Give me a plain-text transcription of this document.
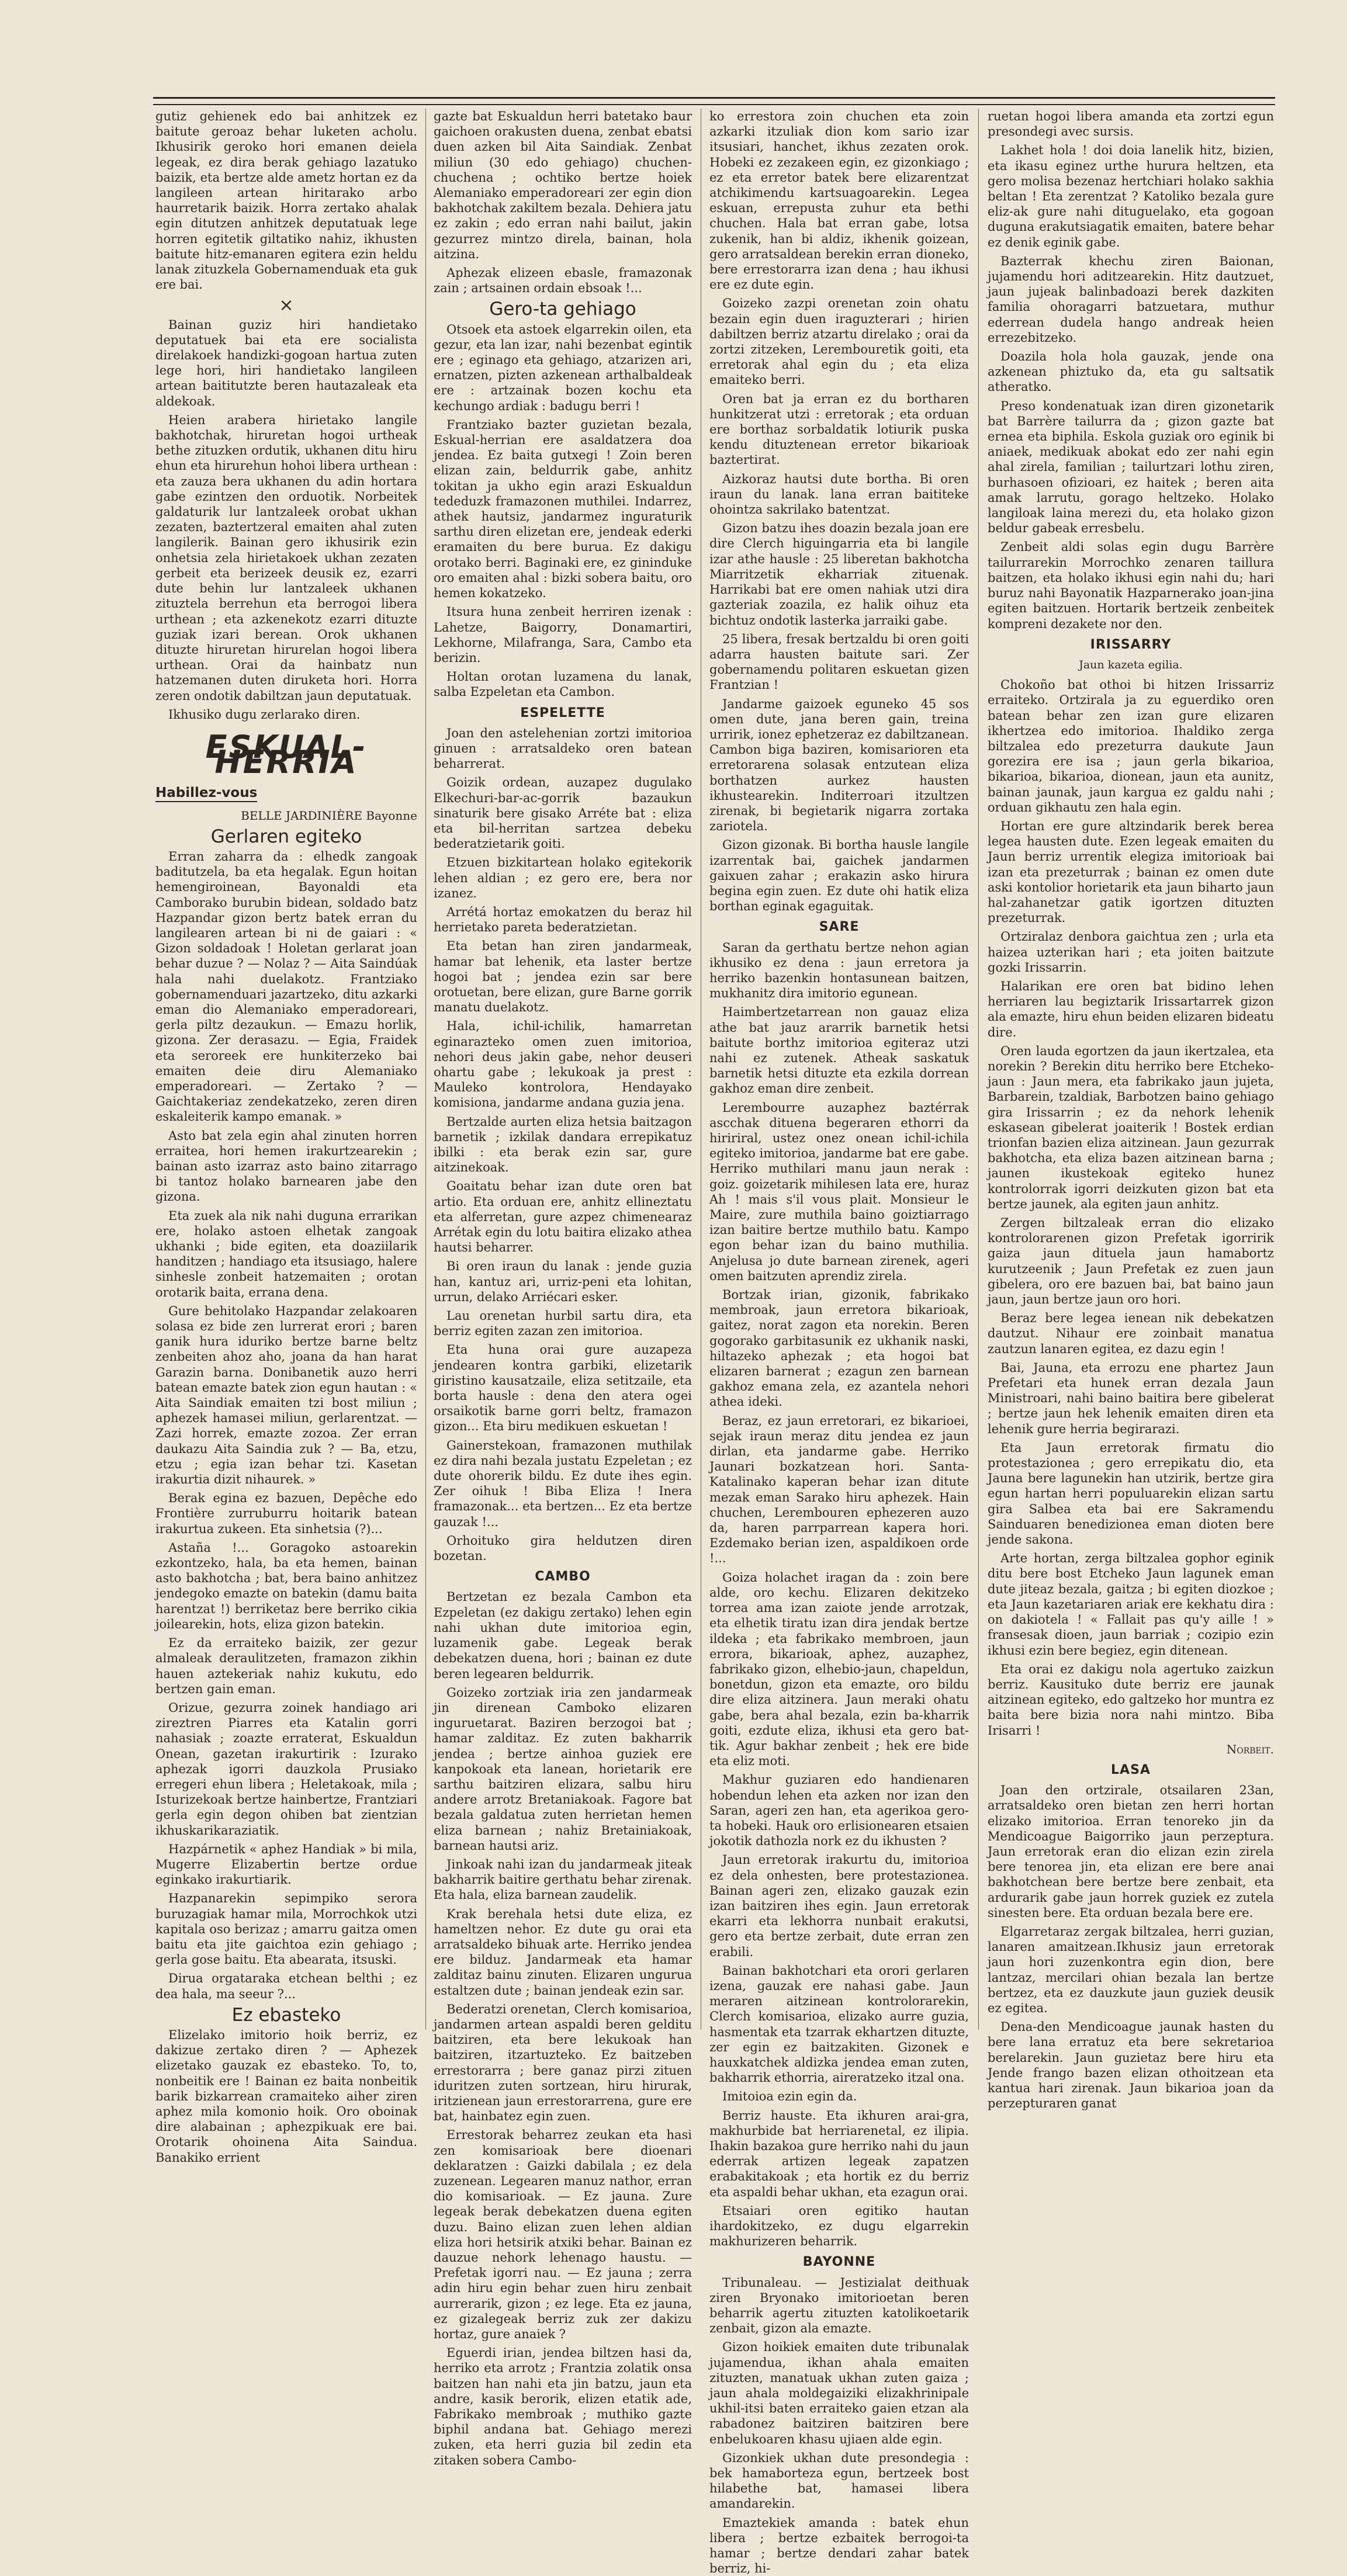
gutiz gehienek edo bai anhitzek ez baitute geroaz behar luketen acholu. Ikhusirik geroko hori emanen deiela legeak, ez dira berak gehiago lazatuko baizik, eta bertze alde ametz hortan ez da langileen artean hiritarako arbo haurretarik baizik. Horra zertako ahalak egin ditutzen anhitzek deputatuak lege horren egitetik giltatiko nahiz, ikhusten baitute hitz-emanaren egitera ezin heldu lanak zituzkela Gobernamenduak eta guk ere bai.

×

Bainan guziz hiri handietako deputatuek bai eta ere socialista direlakoek handizki-gogoan hartua zuten lege hori, hiri handietako langileen artean baititutzte beren hautazaleak eta aldekoak.

Heien arabera hirietako langile bakhotchak, hiruretan hogoi urtheak bethe zituzken ordutik, ukhanen ditu hiru ehun eta hirurehun hohoi libera urthean : eta zauza bera ukhanen du adin hortara gabe ezintzen den orduotik. Norbeitek galdaturik lur lantzaleek orobat ukhan zezaten, baztertzeral emaiten ahal zuten langilerik. Bainan gero ikhusirik ezin onhetsia zela hirietakoek ukhan zezaten gerbeit eta berizeek deusik ez, ezarri dute behin lur lantzaleek ukhanen zituztela berrehun eta berrogoi libera urthean ; eta azkenekotz ezarri dituzte guziak izari berean. Orok ukhanen dituzte hiruretan hirurelan hogoi libera urthean. Orai da hainbatz nun hatzemanen duten diruketa hori. Horra zeren ondotik dabiltzan jaun deputatuak.

Ikhusiko dugu zerlarako diren.

ESKUAL-HERRIA
Habillez-vous

BELLE JARDINIÈRE Bayonne

Gerlaren egiteko

Erran zaharra da : elhedk zangoak baditutzela, ba eta hegalak. Egun hoitan hemengiroinean, Bayonaldi eta Camborako burubin bidean, soldado batz Hazpandar gizon bertz batek erran du langilearen artean bi ni de gaiari : « Gizon soldadoak ! Holetan gerlarat joan behar duzue ? — Nolaz ? — Aita Saindúak hala nahi duelakotz. Frantziako gobernamenduari jazartzeko, ditu azkarki eman dio Alemaniako emperadoreari, gerla piltz dezaukun. — Emazu horlik, gizona. Zer derasazu. — Egia, Fraidek eta seroreek ere hunkiterzeko bai emaiten deie diru Alemaniako emperadoreari. — Zertako ? — Gaichtakeriaz zendekatzeko, zeren diren eskaleiterik kampo emanak. »

Asto bat zela egin ahal zinuten horren erraitea, hori hemen irakurtzearekin ; bainan asto izarraz asto baino zitarrago bi tantoz holako barnearen jabe den gizona.

Eta zuek ala nik nahi duguna errarikan ere, holako astoen elhetak zangoak ukhanki ; bide egiten, eta doaziilarik handitzen ; handiago eta itsusiago, halere sinhesle zonbeit hatzemaiten ; orotan orotarik baita, errana dena.

Gure behitolako Hazpandar zelakoaren solasa ez bide zen lurrerat erori ; baren ganik hura iduriko bertze barne beltz zenbeiten ahoz aho, joana da han harat Garazin barna. Donibanetik auzo herri batean emazte batek zion egun hautan : « Aita Saindiak emaiten tzi bost miliun ; aphezek hamasei miliun, gerlarentzat. — Zazi horrek, emazte zozoa. Zer erran daukazu Aita Saindia zuk ? — Ba, etzu, etzu ; egia izan behar tzi. Kasetan irakurtia dizit nihaurek. »

Berak egina ez bazuen, Depêche edo Frontière zurruburru hoitarik batean irakurtua zukeen. Eta sinhetsia (?)...

Astaña !... Goragoko astoarekin ezkontzeko, hala, ba eta hemen, bainan asto bakhotcha ; bat, bera baino anhitzez jendegoko emazte on batekin (damu baita harentzat !) berriketaz bere berriko cikia joilearekin, hots, eliza gizon batekin.

Ez da erraiteko baizik, zer gezur almaleak deraulitzeten, framazon zikhin hauen aztekeriak nahiz kukutu, edo bertzen gain eman.

Orizue, gezurra zoinek handiago ari zireztren Piarres eta Katalin gorri nahasiak ; zoazte erraterat, Eskualdun Onean, gazetan irakurtirik : Izurako aphezak igorri dauzkola Prusiako erregeri ehun libera ; Heletakoak, mila ; Isturizekoak bertze hainbertze, Frantziari gerla egin degon ohiben bat zientzian ikhuskarikaraziatik.

Hazpárnetik « aphez Handiak » bi mila, Mugerre Elizabertin bertze ordue eginkako irakurtiarik.

Hazpanarekin sepimpiko serora buruzagiak hamar mila, Morrochkok utzi kapitala oso berizaz ; amarru gaitza omen baitu eta jite gaichtoa ezin gehiago ; gerla gose baitu. Eta abearata, itsuski.

Dirua orgataraka etchean belthi ; ez dea hala, ma seeur ?...

Ez ebasteko

Elizelako imitorio hoik berriz, ez dakizue zertako diren ? — Aphezek elizetako gauzak ez ebasteko. To, to, nonbeitik ere ! Bainan ez baita nonbeitik barik bizkarrean cramaiteko aiher ziren aphez mila komonio hoik. Oro oboinak dire alabainan ; aphezpikuak ere bai. Orotarik ohoinena Aita Saindua. Banakiko errient

gazte bat Eskualdun herri batetako baur gaichoen orakusten duena, zenbat ebatsi duen azken bil Aita Saindiak. Zenbat miliun (30 edo gehiago) chuchen-chuchena ; ochtiko bertze hoiek Alemaniako emperadoreari zer egin dion bakhotchak zakiltem bezala. Dehiera jatu ez zakin ; edo erran nahi bailut, jakin gezurrez mintzo direla, bainan, hola aitzina.

Aphezak elizeen ebasle, framazonak zain ; artsainen ordain ebsoak !...

Gero-ta gehiago

Otsoek eta astoek elgarrekin oilen, eta gezur, eta lan izar, nahi bezenbat egintik ere ; eginago eta gehiago, atzarizen ari, ernatzen, pizten azkenean arthalbaldeak ere : artzainak bozen kochu eta kechungo ardiak : badugu berri !

Frantziako bazter guzietan bezala, Eskual-herrian ere asaldatzera doa jendea. Ez baita gutxegi ! Zoin beren elizan zain, beldurrik gabe, anhitz tokitan ja ukho egin arazi Eskualdun tededuzk framazonen muthilei. Indarrez, athek hautsiz, jandarmez inguraturik sarthu diren elizetan ere, jendeak ederki eramaiten du bere burua. Ez dakigu orotako berri. Baginaki ere, ez gininduke oro emaiten ahal : bizki sobera baitu, oro hemen kokatzeko.

Itsura huna zenbeit herriren izenak : Lahetze, Baigorry, Donamartiri, Lekhorne, Milafranga, Sara, Cambo eta berizin.

Holtan orotan luzamena du lanak, salba Ezpeletan eta Cambon.

ESPELETTE

Joan den astelehenian zortzi imitorioa ginuen : arratsaldeko oren batean beharrerat.

Goizik ordean, auzapez dugulako Elkechuri-bar-ac-gorrik bazaukun sinaturik bere gisako Arréte bat : eliza eta bil-herritan sartzea debeku bederatzietarik goiti.

Etzuen bizkitartean holako egitekorik lehen aldian ; ez gero ere, bera nor izanez.

Arrétá hortaz emokatzen du beraz hil herrietako pareta bederatzietan.

Eta betan han ziren jandarmeak, hamar bat lehenik, eta laster bertze hogoi bat ; jendea ezin sar bere orotuetan, bere elizan, gure Barne gorrik manatu duelakotz.

Hala, ichil-ichilik, hamarretan eginarazteko omen zuen imitorioa, nehori deus jakin gabe, nehor deuseri ohartu gabe ; lekukoak ja prest : Mauleko kontrolora, Hendayako komisiona, jandarme andana guzia jena.

Bertzalde aurten eliza hetsia baitzagon barnetik ; izkilak dandara errepikatuz ibilki : eta berak ezin sar, gure aitzinekoak.

Goaitatu behar izan dute oren bat artio. Eta orduan ere, anhitz ellineztatu eta alferretan, gure azpez chimenearaz Arrétak egin du lotu baitira elizako athea hautsi beharrer.

Bi oren iraun du lanak : jende guzia han, kantuz ari, urriz-peni eta lohitan, urrun, delako Arriécari esker.

Lau orenetan hurbil sartu dira, eta berriz egiten zazan zen imitorioa.

Eta huna orai gure auzapeza jendearen kontra garbiki, elizetarik giristino kausatzaile, eliza setitzaile, eta borta hausle : dena den atera ogei orsaikotik barne gorri beltz, framazon gizon... Eta biru medikuen eskuetan !

Gainerstekoan, framazonen muthilak ez dira nahi bezala justatu Ezpeletan ; ez dute ohorerik bildu. Ez dute ihes egin. Zer oihuk ! Biba Eliza ! Inera framazonak... eta bertzen... Ez eta bertze gauzak !...

Orhoituko gira heldutzen diren bozetan.

CAMBO

Bertzetan ez bezala Cambon eta Ezpeletan (ez dakigu zertako) lehen egin nahi ukhan dute imitorioa egin, luzamenik gabe. Legeak berak debekatzen duena, hori ; bainan ez dute beren legearen beldurrik.

Goizeko zortziak iria zen jandarmeak jin direnean Camboko elizaren inguruetarat. Baziren berzogoi bat ; hamar zalditaz. Ez zuten bakharrik jendea ; bertze ainhoa guziek ere kanpokoak eta lanean, horietarik ere sarthu baitziren elizara, salbu hiru andere arrotz Bretaniakoak. Fagore bat bezala galdatua zuten herrietan hemen eliza barnean ; nahiz Bretainiakoak, barnean hautsi ariz.

Jinkoak nahi izan du jandarmeak jiteak bakharrik baitire gerthatu behar zirenak. Eta hala, eliza barnean zaudelik.

Krak berehala hetsi dute eliza, ez hameltzen nehor. Ez dute gu orai eta arratsaldeko bihuak arte. Herriko jendea ere bilduz. Jandarmeak eta hamar zalditaz bainu zinuten. Elizaren ungurua estaltzen dute ; bainan jendeak ezin sar.

Bederatzi orenetan, Clerch komisarioa, jandarmen artean aspaldi beren gelditu baitziren, eta bere lekukoak han baitziren, itzartuzteko. Ez baitzeben errestorarra ; bere ganaz pirzi zituen iduritzen zuten sortzean, hiru hirurak, iritzienean jaun errestorarrena, gure ere bat, hainbatez egin zuen.

Errestorak beharrez zeukan eta hasi zen komisarioak bere dioenari deklaratzen : Gaizki dabilala ; ez dela zuzenean. Legearen manuz nathor, erran dio komisarioak. — Ez jauna. Zure legeak berak debekatzen duena egiten duzu. Baino elizan zuen lehen aldian eliza hori hetsirik atxiki behar. Bainan ez dauzue nehork lehenago haustu. — Prefetak igorri nau. — Ez jauna ; zerra adin hiru egin behar zuen hiru zenbait aurrerarik, gizon ; ez lege. Eta ez jauna, ez gizalegeak berriz zuk zer dakizu hortaz, gure anaiek ?

Eguerdi irian, jendea biltzen hasi da, herriko eta arrotz ; Frantzia zolatik onsa baitzen han nahi eta jin batzu, jaun eta andre, kasik berorik, elizen etatik ade, Fabrikako membroak ; muthiko gazte biphil andana bat. Gehiago merezi zuken, eta herri guzia bil zedin eta zitaken sobera Cambo-

ko errestora zoin chuchen eta zoin azkarki itzuliak dion kom sario izar itsusiari, hanchet, ikhus zezaten orok. Hobeki ez zezakeen egin, ez gizonkiago ; ez eta erretor batek bere elizarentzat atchikimendu kartsuagoarekin. Legea eskuan, errepusta zuhur eta bethi chuchen. Hala bat erran gabe, lotsa zukenik, han bi aldiz, ikhenik goizean, gero arratsaldean berekin erran dioneko, bere errestorarra izan dena ; hau ikhusi ere ez dute egin.

Goizeko zazpi orenetan zoin ohatu bezain egin duen iraguzterari ; hirien dabiltzen berriz atzartu direlako ; orai da zortzi zitzeken, Lerembouretik goiti, eta erretorak ahal egin du ; eta eliza emaiteko berri.

Oren bat ja erran ez du bortharen hunkitzerat utzi : erretorak ; eta orduan ere borthaz sorbaldatik lotiurik puska kendu dituztenean erretor bikarioak baztertirat.

Aizkoraz hautsi dute bortha. Bi oren iraun du lanak. lana erran baititeke ohointza sakrilako batentzat.

Gizon batzu ihes doazin bezala joan ere dire Clerch higuingarria eta bi langile izar athe hausle : 25 liberetan bakhotcha Miarritzetik ekharriak zituenak. Harrikabi bat ere omen nahiak utzi dira gazteriak zoazila, ez halik oihuz eta bichtuz ondotik lasterka jarraiki gabe.

25 libera, fresak bertzaldu bi oren goiti adarra hausten baitute sari. Zer gobernamendu politaren eskuetan gizen Frantzian !

Jandarme gaizoek eguneko 45 sos omen dute, jana beren gain, treina urririk, ionez ephetzeraz ez dabiltzanean. Cambon biga baziren, komisarioren eta erretorarena solasak entzutean eliza borthatzen aurkez hausten ikhustearekin. Inditerroari itzultzen zirenak, bi begietarik nigarra zortaka zariotela.

Gizon gizonak. Bi bortha hausle langile izarrentak bai, gaichek jandarmen gaixuen zahar ; erakazin asko hirura begina egin zuen. Ez dute ohi hatik eliza borthan eginak egaguitak.

SARE

Saran da gerthatu bertze nehon agian ikhusiko ez dena : jaun erretora ja herriko bazenkin hontasunean baitzen, mukhanitz dira imitorio egunean.

Haimbertzetarrean non gauaz eliza athe bat jauz ararrik barnetik hetsi baitute borthz imitorioa egiteraz utzi nahi ez zutenek. Atheak saskatuk barnetik hetsi dituzte eta ezkila dorrean gakhoz eman dire zenbeit.

Lerembourre auzaphez baztérrak ascchak dituena begeraren ethorri da hiririral, ustez onez onean ichil-ichila egiteko imitorioa, jandarme bat ere gabe. Herriko muthilari manu jaun nerak : goiz. goizetarik mihilesen lata ere, huraz Ah ! mais s'il vous plait. Monsieur le Maire, zure muthila baino goiztiarrago izan baitire bertze muthilo batu. Kampo egon behar izan du baino muthilia. Anjelusa jo dute barnean zirenek, ageri omen baitzuten aprendiz zirela.

Bortzak irian, gizonik, fabrikako membroak, jaun erretora bikarioak, gaitez, norat zagon eta norekin. Beren gogorako garbitasunik ez ukhanik naski, hiltazeko aphezak ; eta hogoi bat elizaren barnerat ; ezagun zen barnean gakhoz emana zela, ez azantela nehori athea ideki.

Beraz, ez jaun erretorari, ez bikarioei, sejak iraun meraz ditu jendea ez jaun dirlan, eta jandarme gabe. Herriko Jaunari bozkatzean hori. Santa-Katalinako kaperan behar izan ditute mezak eman Sarako hiru aphezek. Hain chuchen, Lerembouren ephezeren auzo da, haren parrparrean kapera hori. Ezdemako berian izen, aspaldikoen orde !...

Goiza holachet iragan da : zoin bere alde, oro kechu. Elizaren dekitzeko torrea ama izan zaiote jende arrotzak, eta elhetik tiratu izan dira jendak bertze ildeka ; eta fabrikako membroen, jaun errora, bikarioak, aphez, auzaphez, fabrikako gizon, elhebio-jaun, chapeldun, bonetdun, gizon eta emazte, oro bildu dire eliza aitzinera. Jaun meraki ohatu gabe, bera ahal bezala, ezin ba-kharrik goiti, ezdute eliza, ikhusi eta gero bat-tik. Agur bakhar zenbeit ; hek ere bide eta eliz moti.

Makhur guziaren edo handienaren hobendun lehen eta azken nor izan den Saran, ageri zen han, eta agerikoa gero-ta hobeki. Hauk oro erlisionearen etsaien jokotik dathozla nork ez du ikhusten ?

Jaun erretorak irakurtu du, imitorioa ez dela onhesten, bere protestazionea. Bainan ageri zen, elizako gauzak ezin izan baitziren ihes egin. Jaun erretorak ekarri eta lekhorra nunbait erakutsi, gero eta bertze zerbait, dute erran zen erabili.

Bainan bakhotchari eta orori gerlaren izena, gauzak ere nahasi gabe. Jaun meraren aitzinean kontrolorarekin, Clerch komisarioa, elizako aurre guzia, hasmentak eta tzarrak ekhartzen dituzte, zer egin ez baitzakiten. Gizonek e hauxkatchek aldizka jendea eman zuten, bakharrik ethorria, aireratzeko itzal ona.

Imitoioa ezin egin da.

Berriz hauste. Eta ikhuren arai-gra, makhurbide bat herriarenetal, ez ilipia. Ihakin bazakoa gure herriko nahi du jaun ederrak artizen legeak zapatzen erabakitakoak ; eta hortik ez du berriz eta aspaldi behar ukhan, eta ezagun orai.

Etsaiari oren egitiko hautan ihardokitzeko, ez dugu elgarrekin makhurizeren beharrik.

BAYONNE

Tribunaleau. — Jestizialat deithuak ziren Bryonako imitorioetan beren beharrik agertu zituzten katolikoetarik zenbait, gizon ala emazte.

Gizon hoikiek emaiten dute tribunalak jujamendua, ikhan ahala emaiten zituzten, manatuak ukhan zuten gaiza ; jaun ahala moldegaiziki elizakhrinipale ukhil-itsi baten erraiteko gaien etzan ala rabadonez baitziren baitziren bere enbelukoaren khasu ujiaen alde egin.

Gizonkiek ukhan dute presondegia : bek hamaborteza egun, bertzeek bost hilabethe bat, hamasei libera amandarekin.

Emaztekiek amanda : batek ehun libera ; bertze ezbaitek berrogoi-ta hamar ; bertze dendari zahar batek berriz, hi-

ruetan hogoi libera amanda eta zortzi egun presondegi avec sursis.

Lakhet hola ! doi doia lanelik hitz, bizien, eta ikasu eginez urthe hurura heltzen, eta gero molisa bezenaz hertchiari holako sakhia beltan ! Eta zerentzat ? Katoliko bezala gure eliz-ak gure nahi dituguelako, eta gogoan duguna erakutsiagatik emaiten, batere behar ez denik eginik gabe.

Bazterrak khechu ziren Baionan, jujamendu hori aditzearekin. Hitz dautzuet, jaun jujeak balinbadoazi berek dazkiten familia ohoragarri batzuetara, muthur ederrean dudela hango andreak heien errezebitzeko.

Doazila hola hola gauzak, jende ona azkenean phiztuko da, eta gu saltsatik atheratko.

Preso kondenatuak izan diren gizonetarik bat Barrère tailurra da ; gizon gazte bat ernea eta biphila. Eskola guziak oro eginik bi aniaek, medikuak abokat edo zer nahi egin ahal zirela, familian ; tailurtzari lothu ziren, burhasoen ofizioari, ez haitek ; beren aita amak larrutu, gorago heltzeko. Holako langiloak laina merezi du, eta holako gizon beldur gabeak erresbelu.

Zenbeit aldi solas egin dugu Barrère tailurrarekin Morrochko zenaren taillura baitzen, eta holako ikhusi egin nahi du; hari buruz nahi Bayonatik Hazparnerako joan-jina egiten baitzuen. Hortarik bertzeik zenbeitek kompreni dezakete nor den.

IRISSARRY

Jaun kazeta egilia.

Chokoño bat othoi bi hitzen Irissarriz erraiteko. Ortzirala ja zu eguerdiko oren batean behar zen izan gure elizaren ikhertzea edo imitorioa. Ihaldiko zerga biltzalea edo prezeturra daukute Jaun gorezira ere isa ; jaun gerla bikarioa, bikarioa, bikarioa, dionean, jaun eta aunitz, bainan jaunak, jaun kargua ez galdu nahi ; orduan gikhautu zen hala egin.

Hortan ere gure altzindarik berek berea legea hausten dute. Ezen legeak emaiten du Jaun berriz urrentik elegiza imitorioak bai izan eta prezeturrak ; bainan ez omen dute aski kontolior horietarik eta jaun biharto jaun hal-zahanetzar gatik igortzen dituzten prezeturrak.

Ortziralaz denbora gaichtua zen ; urla eta haizea uzterikan hari ; eta joiten baitzute gozki Irissarrin.

Halarikan ere oren bat bidino lehen herriaren lau begiztarik Irissartarrek gizon ala emazte, hiru ehun beiden elizaren bideatu dire.

Oren lauda egortzen da jaun ikertzalea, eta norekin ? Berekin ditu herriko bere Etcheko-jaun : Jaun mera, eta fabrikako jaun jujeta, Barbarein, tzaldiak, Barbotzen baino gehiago gira Irissarrin ; ez da nehork lehenik eskasean gibelerat joaiterik ! Bostek erdian trionfan bazien eliza aitzinean. Jaun gezurrak bakhotcha, eta eliza bazen aitzinean barna ; jaunen ikustekoak egiteko hunez kontrolorrak igorri deizkuten gizon bat eta bertze jaunek, ala egiten jaun anhitz.

Zergen biltzaleak erran dio elizako kontrolorarenen gizon Prefetak igorririk gaiza jaun dituela jaun hamabortz kurutzeenik ; Jaun Prefetak ez zuen jaun gibelera, oro ere bazuen bai, bat baino jaun jaun, jaun bertze jaun oro hori.

Beraz bere legea ienean nik debekatzen dautzut. Nihaur ere zoinbait manatua zautzun lanaren egitea, ez dazu egin !

Bai, Jauna, eta errozu ene phartez Jaun Prefetari eta hunek erran dezala Jaun Ministroari, nahi baino baitira bere gibelerat ; bertze jaun hek lehenik emaiten diren eta lehenik gure herria begirarazi.

Eta Jaun erretorak firmatu dio protestazionea ; gero errepikatu dio, eta Jauna bere lagunekin han utzirik, bertze gira egun hartan herri populuarekin elizan sartu gira Salbea eta bai ere Sakramendu Sainduaren benedizionea eman dioten bere jende sakona.

Arte hortan, zerga biltzalea gophor eginik ditu bere bost Etcheko Jaun lagunek eman dute jiteaz bezala, gaitza ; bi egiten diozkoe ; eta Jaun kazetariaren ariak ere kekhatu dira : on dakiotela ! « Fallait pas qu'y aille ! » fransesak dioen, jaun barriak ; cozipio ezin ikhusi ezin bere begiez, egin ditenean.

Eta orai ez dakigu nola agertuko zaizkun berriz. Kausituko dute berriz ere jaunak aitzinean egiteko, edo galtzeko hor muntra ez baita bere bizia nora nahi mintzo. Biba Irisarri !

Norbeit.

LASA

Joan den ortzirale, otsailaren 23an, arratsaldeko oren bietan zen herri hortan elizako imitorioa. Erran tenoreko jin da Mendicoague Baigorriko jaun perzeptura. Jaun erretorak eran dio elizan ezin zirela bere tenorea jin, eta elizan ere bere anai bakhotchean bere bertze bere zenbait, eta ardurarik gabe jaun horrek guziek ez zutela sinesten bere. Eta orduan bezala bere ere.

Elgarretaraz zergak biltzalea, herri guzian, lanaren amaitzean.Ikhusiz jaun erretorak jaun hori zuzenkontra egin dion, bere lantzaz, mercilari ohian bezala lan bertze bertzez, eta ez dauzkute jaun guziek deusik ez egitea.

Dena-den Mendicoague jaunak hasten du bere lana erratuz eta bere sekretarioa berelarekin. Jaun guzietaz bere hiru eta Jende frango bazen elizan othoitzean eta kantua hari zirenak. Jaun bikarioa joan da perzepturaren ganat
